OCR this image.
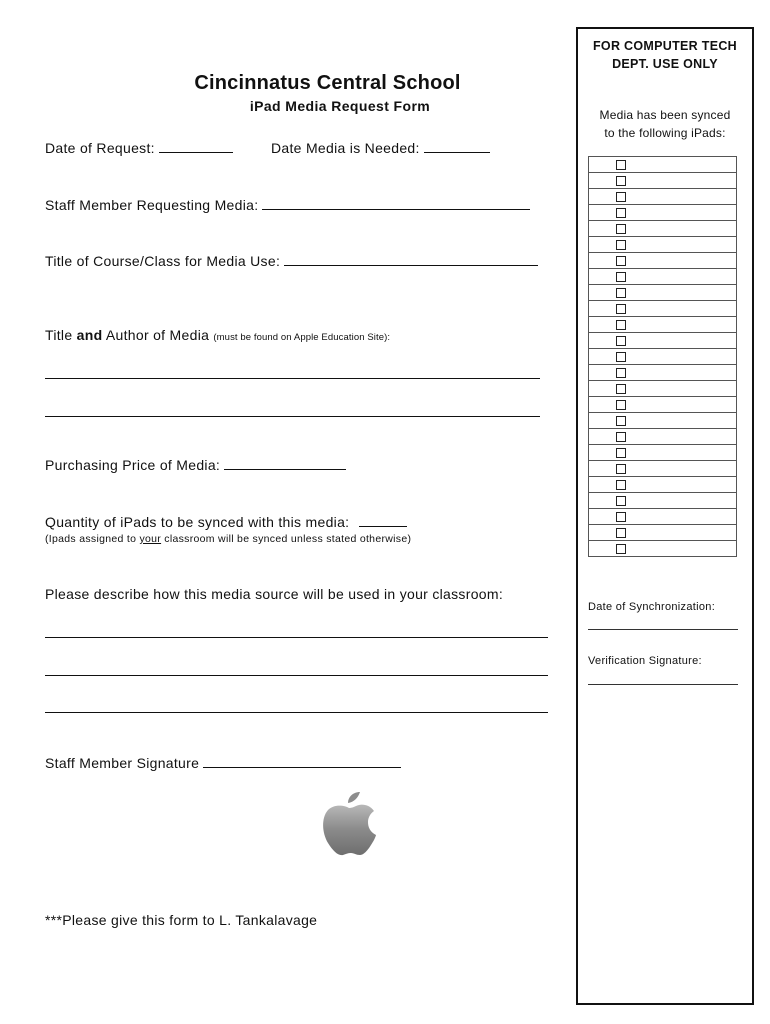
Cincinnatus Central School
iPad Media Request Form
Date of Request:	Date Media is Needed:
Staff Member Requesting Media:
Title of Course/Class for Media Use:
Title and Author of Media (must be found on Apple Education Site):
Purchasing Price of Media:
Quantity of iPads to be synced with this media:
(Ipads assigned to your classroom will be synced unless stated otherwise)
Please describe how this media source will be used in your classroom:
Staff Member Signature
***Please give this form to L. Tankalavage
FOR COMPUTER TECH
DEPT. USE ONLY
Media has been synced
to the following iPads:

Date of Synchronization:
Verification Signature:
